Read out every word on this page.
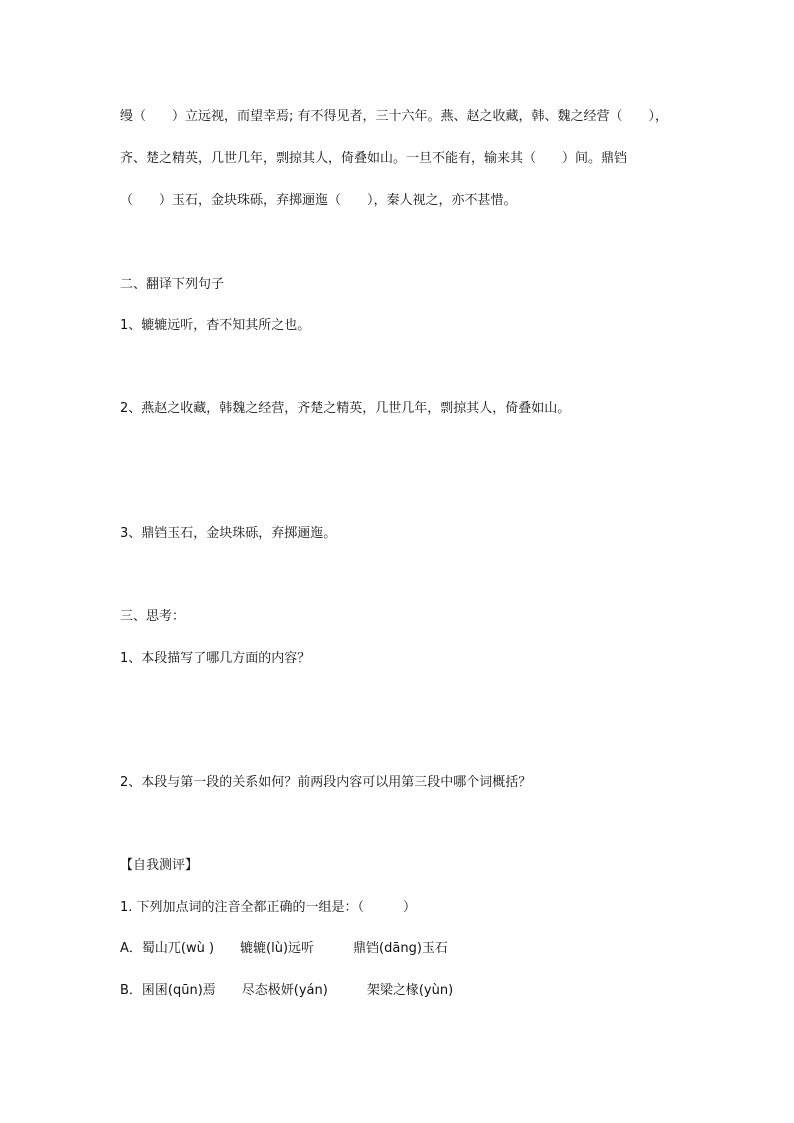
缦（　　）立远视，而望幸焉; 有不得见者，三十六年。燕、赵之收藏，韩、魏之经营（　　），
齐、楚之精英，几世几年，剽掠其人，倚叠如山。一旦不能有，输来其（　　）间。鼎铛
（　　）玉石，金块珠砾，弃掷逦迤（　　），秦人视之，亦不甚惜。
二、翻译下列句子
1、辘辘远听，杳不知其所之也。
2、燕赵之收藏，韩魏之经营，齐楚之精英，几世几年，剽掠其人，倚叠如山。
3、鼎铛玉石，金块珠砾，弃掷逦迤。
三、思考：
1、本段描写了哪几方面的内容？
2、本段与第一段的关系如何？前两段内容可以用第三段中哪个词概括？
【自我测评】
1. 下列加点词的注音全都正确的一组是：（　　　）
A．蜀山兀(wù )　　辘辘(lù)远听　　　鼎铛(dāng)玉石
B．囷囷(qūn)焉　　尽态极妍(yán)　　　架梁之椽(yùn)
